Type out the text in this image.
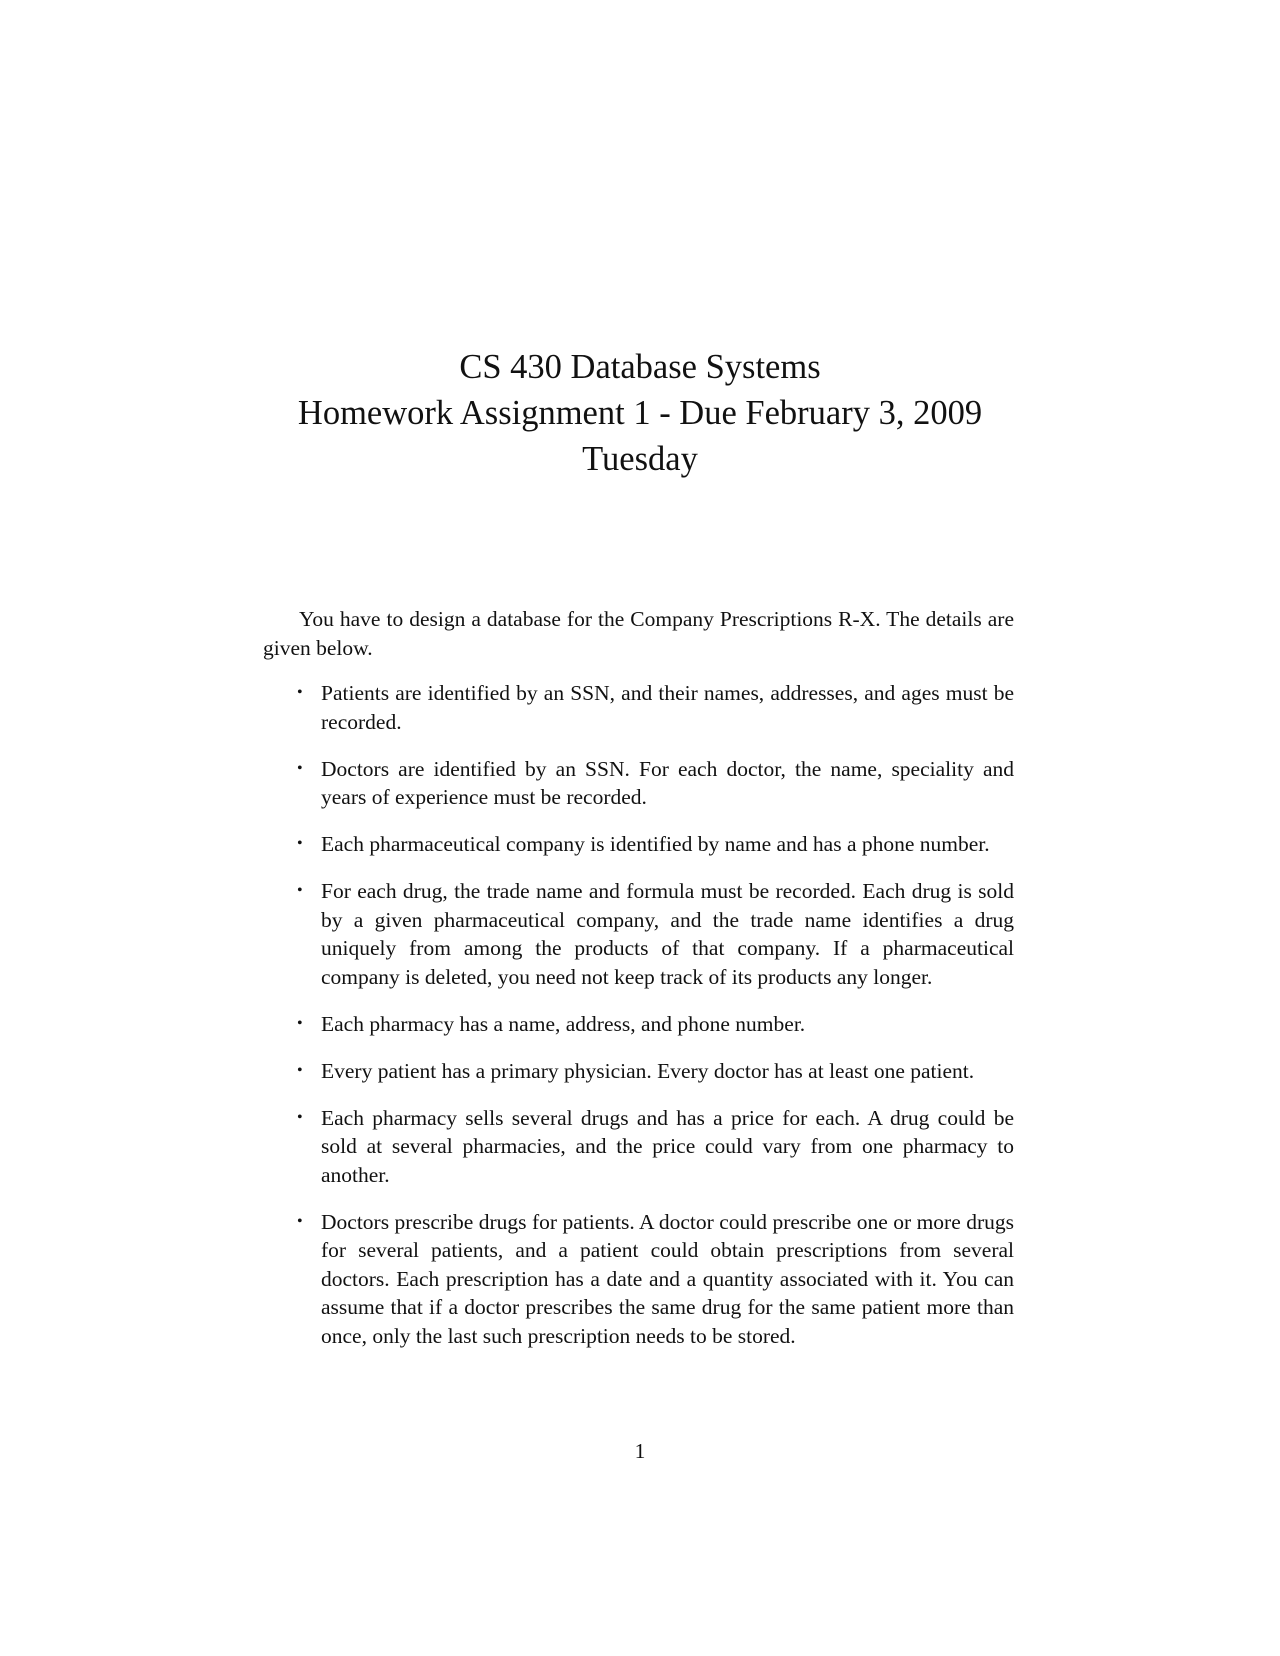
CS 430 Database Systems
Homework Assignment 1 - Due February 3, 2009
Tuesday

You have to design a database for the Company Prescriptions R-X. The details are given below.

• Patients are identified by an SSN, and their names, addresses, and ages must be recorded.
• Doctors are identified by an SSN. For each doctor, the name, speciality and years of experience must be recorded.
• Each pharmaceutical company is identified by name and has a phone number.
• For each drug, the trade name and formula must be recorded. Each drug is sold by a given pharmaceutical company, and the trade name identifies a drug uniquely from among the products of that company. If a pharmaceutical company is deleted, you need not keep track of its products any longer.
• Each pharmacy has a name, address, and phone number.
• Every patient has a primary physician. Every doctor has at least one patient.
• Each pharmacy sells several drugs and has a price for each. A drug could be sold at several pharmacies, and the price could vary from one pharmacy to another.
• Doctors prescribe drugs for patients. A doctor could prescribe one or more drugs for several patients, and a patient could obtain prescriptions from several doctors. Each prescription has a date and a quantity associated with it. You can assume that if a doctor prescribes the same drug for the same patient more than once, only the last such prescription needs to be stored.
1
